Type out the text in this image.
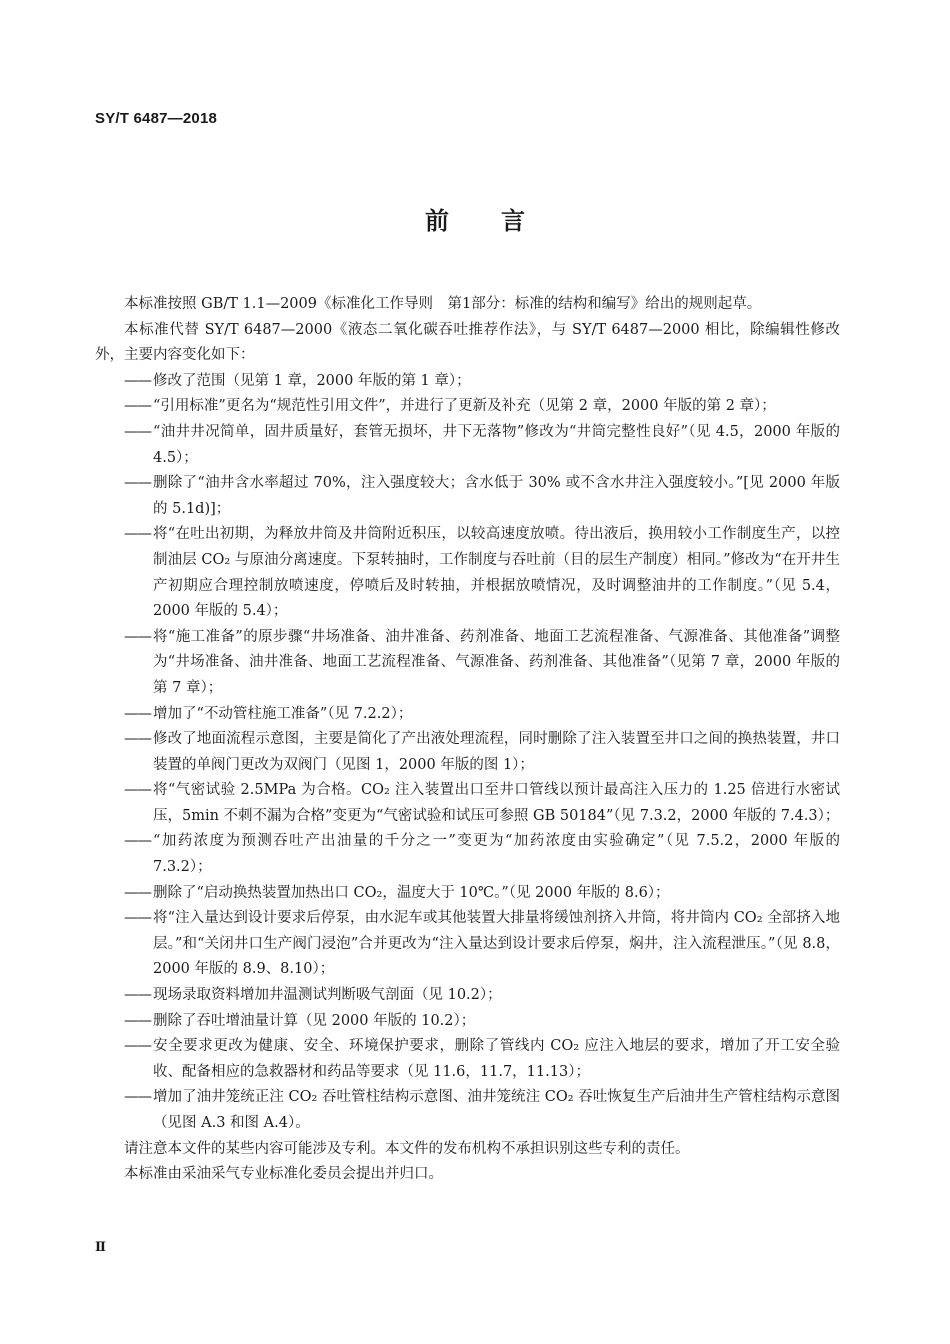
SY/T 6487—2018
前言

本标准按照 GB/T 1.1—2009《标准化工作导则　第1部分：标准的结构和编写》给出的规则起草。

本标准代替 SY/T 6487—2000《液态二氧化碳吞吐推荐作法》，与 SY/T 6487—2000 相比，除编辑性修改外，主要内容变化如下：

—— 修改了范围（见第 1 章，2000 年版的第 1 章）；
—— “引用标准”更名为“规范性引用文件”，并进行了更新及补充（见第 2 章，2000 年版的第 2 章）；
—— “油井井况简单，固井质量好，套管无损坏，井下无落物”修改为“井筒完整性良好”（见 4.5，2000 年版的 4.5）；
—— 删除了“油井含水率超过 70%，注入强度较大；含水低于 30% 或不含水井注入强度较小。”[见 2000 年版的 5.1d)]；
—— 将“在吐出初期，为释放井筒及井筒附近积压，以较高速度放喷。待出液后，换用较小工作制度生产，以控制油层 CO₂ 与原油分离速度。下泵转抽时，工作制度与吞吐前（目的层生产制度）相同。”修改为“在开井生产初期应合理控制放喷速度，停喷后及时转抽，并根据放喷情况，及时调整油井的工作制度。”（见 5.4，2000 年版的 5.4）；
—— 将“施工准备”的原步骤“井场准备、油井准备、药剂准备、地面工艺流程准备、气源准备、其他准备”调整为“井场准备、油井准备、地面工艺流程准备、气源准备、药剂准备、其他准备”（见第 7 章，2000 年版的第 7 章）；
—— 增加了“不动管柱施工准备”（见 7.2.2）；
—— 修改了地面流程示意图，主要是简化了产出液处理流程，同时删除了注入装置至井口之间的换热装置，井口装置的单阀门更改为双阀门（见图 1，2000 年版的图 1）；
—— 将“气密试验 2.5MPa 为合格。CO₂ 注入装置出口至井口管线以预计最高注入压力的 1.25 倍进行水密试压，5min 不刺不漏为合格”变更为“气密试验和试压可参照 GB 50184”（见 7.3.2，2000 年版的 7.4.3）；
—— “加药浓度为预测吞吐产出油量的千分之一”变更为“加药浓度由实验确定”（见 7.5.2，2000 年版的 7.3.2）；
—— 删除了“启动换热装置加热出口 CO₂，温度大于 10℃。”（见 2000 年版的 8.6）；
—— 将“注入量达到设计要求后停泵，由水泥车或其他装置大排量将缓蚀剂挤入井筒，将井筒内 CO₂ 全部挤入地层。”和“关闭井口生产阀门浸泡”合并更改为“注入量达到设计要求后停泵，焖井，注入流程泄压。”（见 8.8，2000 年版的 8.9、8.10）；
—— 现场录取资料增加井温测试判断吸气剖面（见 10.2）；
—— 删除了吞吐增油量计算（见 2000 年版的 10.2）；
—— 安全要求更改为健康、安全、环境保护要求，删除了管线内 CO₂ 应注入地层的要求，增加了开工安全验收、配备相应的急救器材和药品等要求（见 11.6，11.7，11.13）；
—— 增加了油井笼统正注 CO₂ 吞吐管柱结构示意图、油井笼统注 CO₂ 吞吐恢复生产后油井生产管柱结构示意图（见图 A.3 和图 A.4）。

请注意本文件的某些内容可能涉及专利。本文件的发布机构不承担识别这些专利的责任。

本标准由采油采气专业标准化委员会提出并归口。

Ⅱ
